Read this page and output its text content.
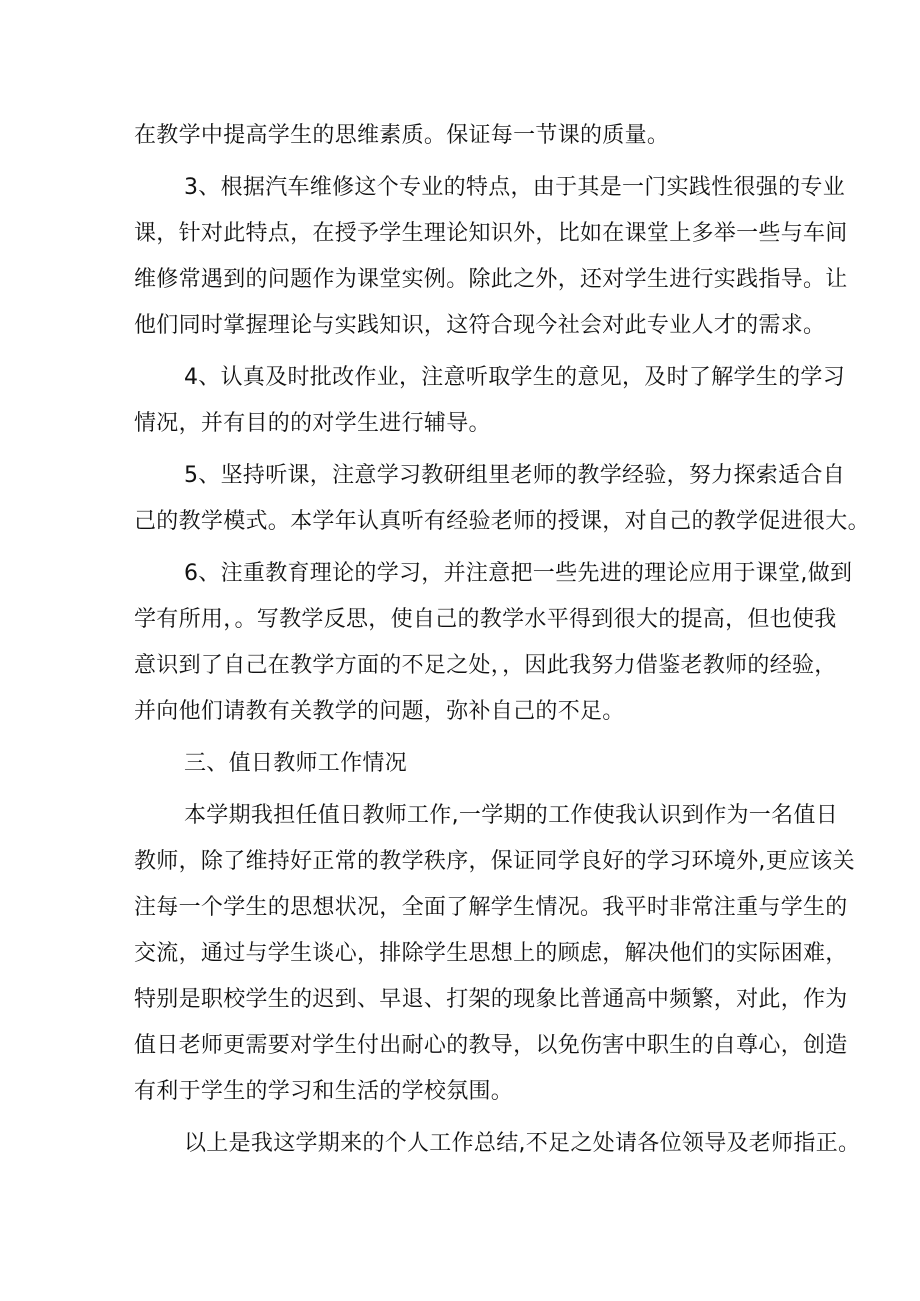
在教学中提高学生的思维素质。保证每一节课的质量。
3、根据汽车维修这个专业的特点，由于其是一门实践性很强的专业
课，针对此特点，在授予学生理论知识外，比如在课堂上多举一些与车间
维修常遇到的问题作为课堂实例。除此之外，还对学生进行实践指导。让
他们同时掌握理论与实践知识，这符合现今社会对此专业人才的需求。
4、认真及时批改作业，注意听取学生的意见，及时了解学生的学习
情况，并有目的的对学生进行辅导。
5、坚持听课，注意学习教研组里老师的教学经验，努力探索适合自
己的教学模式。本学年认真听有经验老师的授课，对自己的教学促进很大。
6、注重教育理论的学习，并注意把一些先进的理论应用于课堂,做到
学有所用，。写教学反思，使自己的教学水平得到很大的提高，但也使我
意识到了自己在教学方面的不足之处，，因此我努力借鉴老教师的经验，
并向他们请教有关教学的问题，弥补自己的不足。
三、值日教师工作情况
本学期我担任值日教师工作,一学期的工作使我认识到作为一名值日
教师，除了维持好正常的教学秩序，保证同学良好的学习环境外,更应该关
注每一个学生的思想状况，全面了解学生情况。我平时非常注重与学生的
交流，通过与学生谈心，排除学生思想上的顾虑，解决他们的实际困难，
特别是职校学生的迟到、早退、打架的现象比普通高中频繁，对此，作为
值日老师更需要对学生付出耐心的教导，以免伤害中职生的自尊心，创造
有利于学生的学习和生活的学校氛围。
以上是我这学期来的个人工作总结,不足之处请各位领导及老师指正。
